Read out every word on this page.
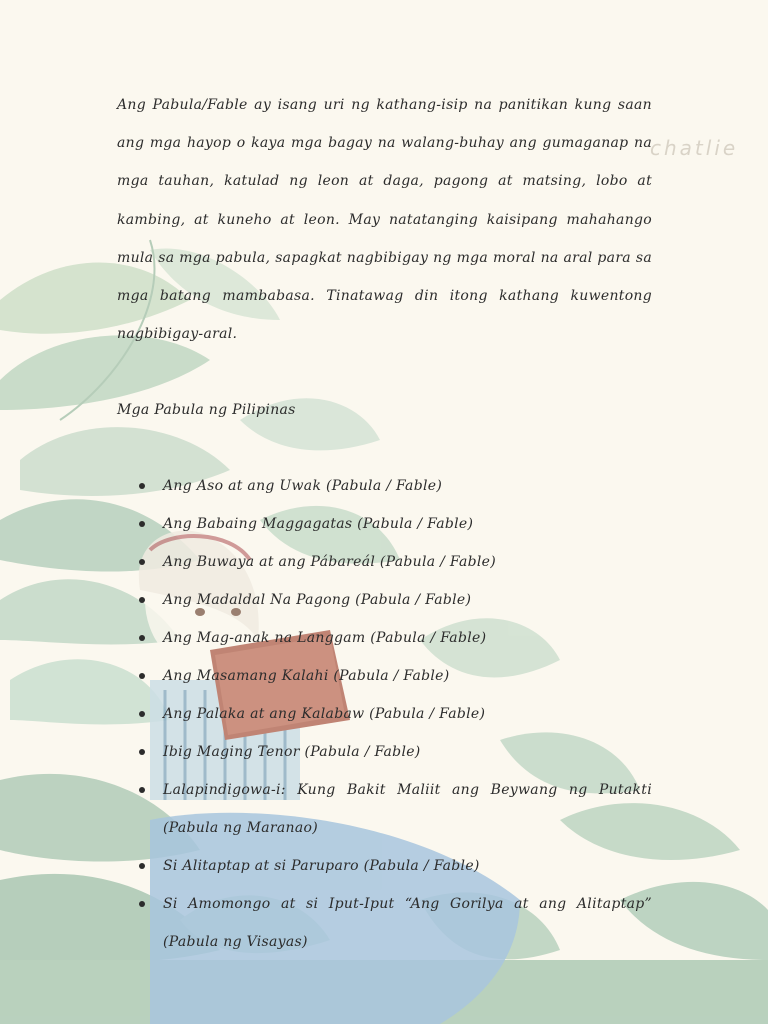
chatlie

Ang Pabula/Fable ay isang uri ng kathang-isip na panitikan kung saan ang mga hayop o kaya mga bagay na walang-buhay ang gumaganap na mga tauhan, katulad ng leon at daga, pagong at matsing, lobo at kambing, at kuneho at leon. May natatanging kaisipang mahahango mula sa mga pabula, sapagkat nagbibigay ng mga moral na aral para sa mga batang mambabasa. Tinatawag din itong kathang kuwentong nagbibigay-aral.

Mga Pabula ng Pilipinas

Ang Aso at ang Uwak (Pabula / Fable)
Ang Babaing Maggagatas (Pabula / Fable)
Ang Buwaya at ang Pábareál (Pabula / Fable)
Ang Madaldal Na Pagong (Pabula / Fable)
Ang Mag-anak na Langgam (Pabula / Fable)
Ang Masamang Kalahi (Pabula / Fable)
Ang Palaka at ang Kalabaw (Pabula / Fable)
Ibig Maging Tenor (Pabula / Fable)
Lalapindigowa-i: Kung Bakit Maliit ang Beywang ng Putakti (Pabula ng Maranao)
Si Alitaptap at si Paruparo (Pabula / Fable)
Si Amomongo at si Iput-Iput “Ang Gorilya at ang Alitaptap” (Pabula ng Visayas)
